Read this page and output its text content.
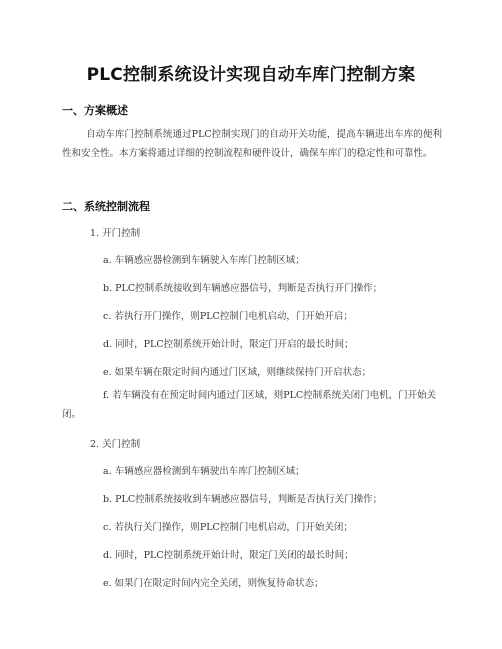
PLC控制系统设计实现自动车库门控制方案
一、方案概述
自动车库门控制系统通过PLC控制实现门的自动开关功能，提高车辆进出车库的便利性和安全性。本方案将通过详细的控制流程和硬件设计，确保车库门的稳定性和可靠性。
二、系统控制流程
1. 开门控制
a. 车辆感应器检测到车辆驶入车库门控制区域；
b. PLC控制系统接收到车辆感应器信号，判断是否执行开门操作；
c. 若执行开门操作，则PLC控制门电机启动，门开始开启；
d. 同时，PLC控制系统开始计时，限定门开启的最长时间；
e. 如果车辆在限定时间内通过门区域，则继续保持门开启状态；
f. 若车辆没有在预定时间内通过门区域，则PLC控制系统关闭门电机，门开始关闭。
2. 关门控制
a. 车辆感应器检测到车辆驶出车库门控制区域；
b. PLC控制系统接收到车辆感应器信号，判断是否执行关门操作；
c. 若执行关门操作，则PLC控制门电机启动，门开始关闭；
d. 同时，PLC控制系统开始计时，限定门关闭的最长时间；
e. 如果门在限定时间内完全关闭，则恢复待命状态；
